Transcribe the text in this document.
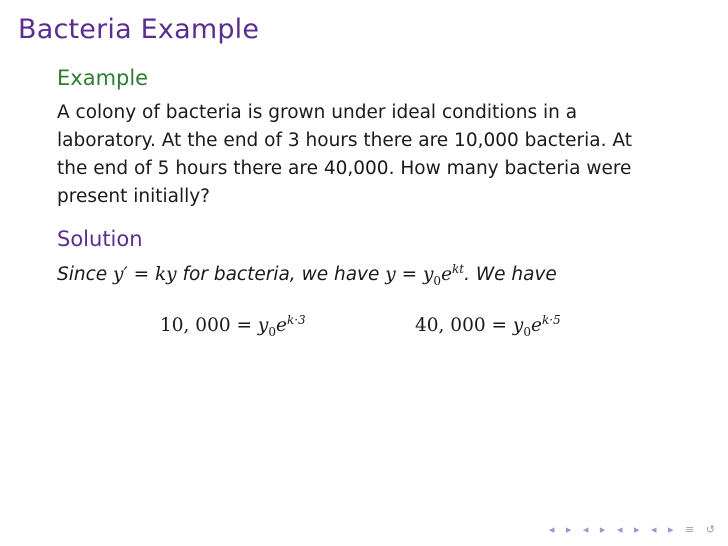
Bacteria Example
Example
A colony of bacteria is grown under ideal conditions in a laboratory. At the end of 3 hours there are 10,000 bacteria. At the end of 5 hours there are 40,000. How many bacteria were present initially?
Solution
Since y′ = ky for bacteria, we have $y = y_0e^{kt}$. We have
10, $000 = y_0e^{k\cdot 3}$	40, $000 = y_0e^{k\cdot 5}$
◂ ▸ ◂ ▸ ◂ ▸ ◂ ▸ ≡ ↺
